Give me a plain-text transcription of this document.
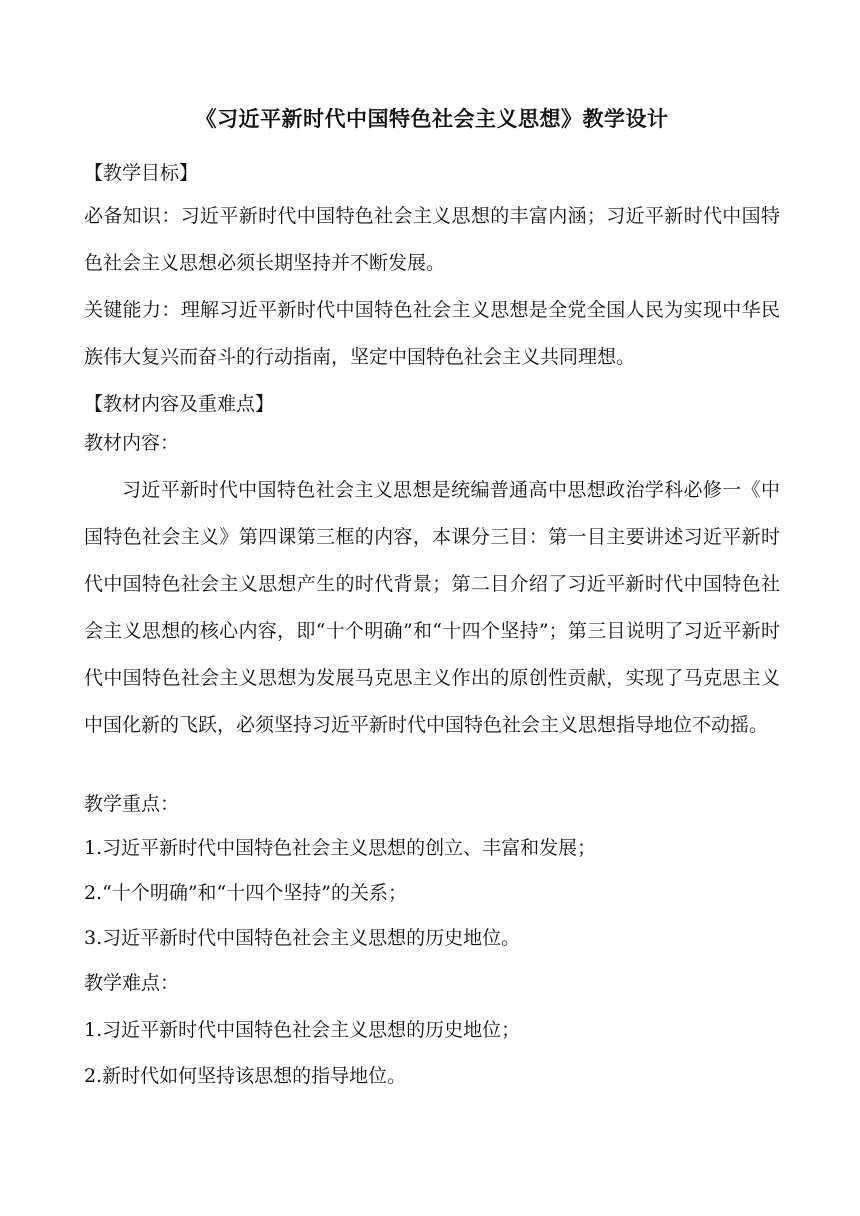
《习近平新时代中国特色社会主义思想》教学设计
【教学目标】
必备知识：习近平新时代中国特色社会主义思想的丰富内涵；习近平新时代中国特色社会主义思想必须长期坚持并不断发展。
关键能力：理解习近平新时代中国特色社会主义思想是全党全国人民为实现中华民族伟大复兴而奋斗的行动指南，坚定中国特色社会主义共同理想。
【教材内容及重难点】
教材内容：
习近平新时代中国特色社会主义思想是统编普通高中思想政治学科必修一《中国特色社会主义》第四课第三框的内容，本课分三目：第一目主要讲述习近平新时代中国特色社会主义思想产生的时代背景；第二目介绍了习近平新时代中国特色社会主义思想的核心内容，即“十个明确”和“十四个坚持”；第三目说明了习近平新时代中国特色社会主义思想为发展马克思主义作出的原创性贡献，实现了马克思主义中国化新的飞跃，必须坚持习近平新时代中国特色社会主义思想指导地位不动摇。
教学重点：
1.习近平新时代中国特色社会主义思想的创立、丰富和发展；
2.“十个明确”和“十四个坚持”的关系；
3.习近平新时代中国特色社会主义思想的历史地位。
教学难点：
1.习近平新时代中国特色社会主义思想的历史地位；
2.新时代如何坚持该思想的指导地位。
